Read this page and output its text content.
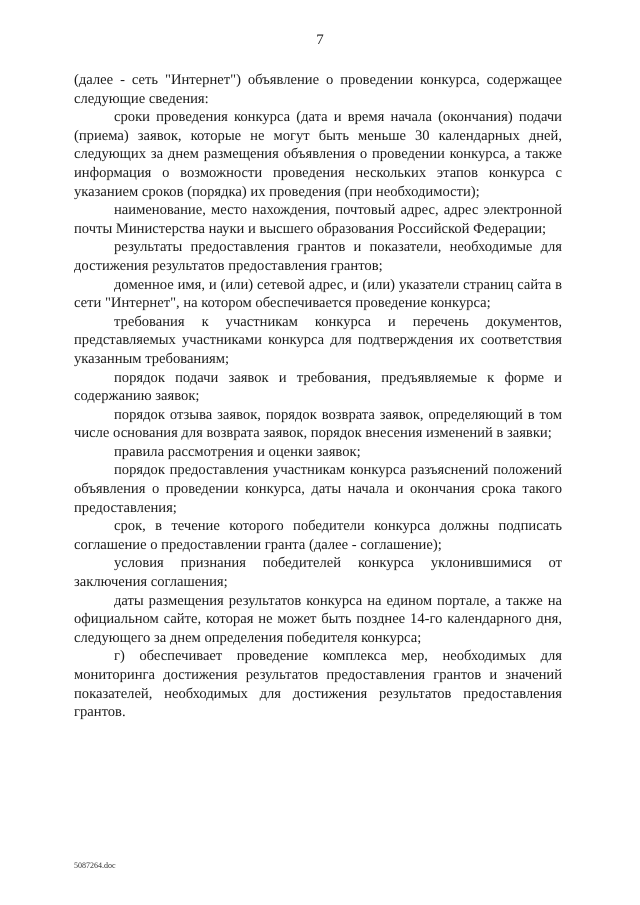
7

(далее - сеть "Интернет") объявление о проведении конкурса, содержащее следующие сведения:

сроки проведения конкурса (дата и время начала (окончания) подачи (приема) заявок, которые не могут быть меньше 30 календарных дней, следующих за днем размещения объявления о проведении конкурса, а также информация о возможности проведения нескольких этапов конкурса с указанием сроков (порядка) их проведения (при необходимости);

наименование, место нахождения, почтовый адрес, адрес электронной почты Министерства науки и высшего образования Российской Федерации;

результаты предоставления грантов и показатели, необходимые для достижения результатов предоставления грантов;

доменное имя, и (или) сетевой адрес, и (или) указатели страниц сайта в сети "Интернет", на котором обеспечивается проведение конкурса;

требования к участникам конкурса и перечень документов, представляемых участниками конкурса для подтверждения их соответствия указанным требованиям;

порядок подачи заявок и требования, предъявляемые к форме и содержанию заявок;

порядок отзыва заявок, порядок возврата заявок, определяющий в том числе основания для возврата заявок, порядок внесения изменений в заявки;

правила рассмотрения и оценки заявок;

порядок предоставления участникам конкурса разъяснений положений объявления о проведении конкурса, даты начала и окончания срока такого предоставления;

срок, в течение которого победители конкурса должны подписать соглашение о предоставлении гранта (далее - соглашение);

условия признания победителей конкурса уклонившимися от заключения соглашения;

даты размещения результатов конкурса на едином портале, а также на официальном сайте, которая не может быть позднее 14-го календарного дня, следующего за днем определения победителя конкурса;

г) обеспечивает проведение комплекса мер, необходимых для мониторинга достижения результатов предоставления грантов и значений показателей, необходимых для достижения результатов предоставления грантов.

5087264.doc
